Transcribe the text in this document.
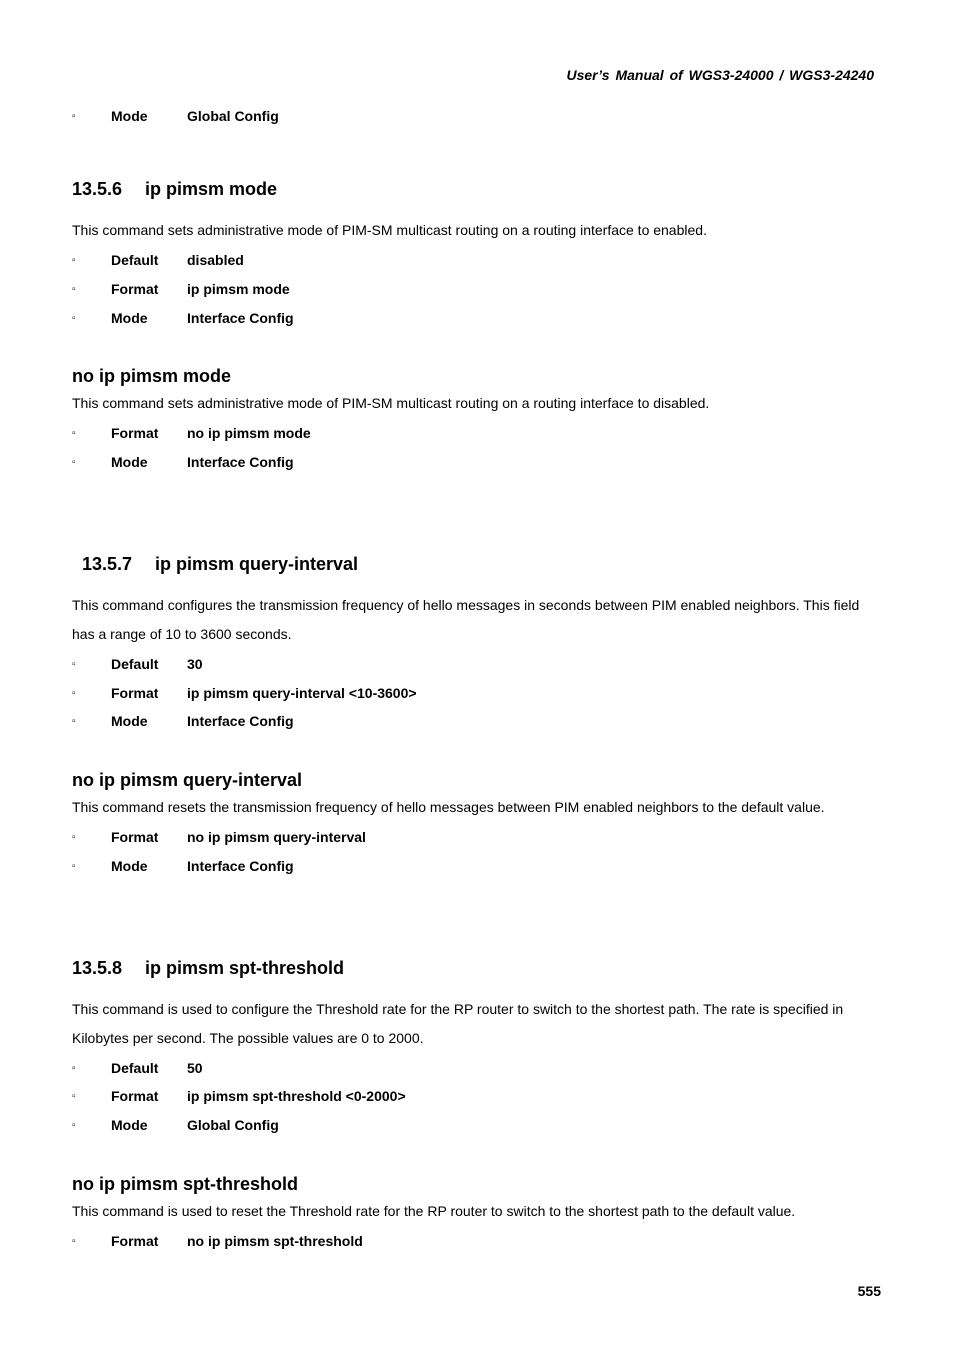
User’s Manual of WGS3-24000 / WGS3-24240
▫	Mode	Global Config
13.5.6 ip pimsm mode
This command sets administrative mode of PIM-SM multicast routing on a routing interface to enabled.
▫	Default disabled
▫	Format ip pimsm mode
▫	Mode	Interface Config
no ip pimsm mode
This command sets administrative mode of PIM-SM multicast routing on a routing interface to disabled.
▫	Format no ip pimsm mode
▫	Mode	Interface Config
13.5.7 ip pimsm query-interval
This command configures the transmission frequency of hello messages in seconds between PIM enabled neighbors. This field
has a range of 10 to 3600 seconds.
▫	Default 30
▫	Format ip pimsm query-interval <10-3600>
▫	Mode	Interface Config
no ip pimsm query-interval
This command resets the transmission frequency of hello messages between PIM enabled neighbors to the default value.
▫	Format no ip pimsm query-interval
▫	Mode	Interface Config
13.5.8 ip pimsm spt-threshold
This command is used to configure the Threshold rate for the RP router to switch to the shortest path. The rate is specified in
Kilobytes per second. The possible values are 0 to 2000.
▫	Default 50
▫	Format ip pimsm spt-threshold <0-2000>
▫	Mode	Global Config
no ip pimsm spt-threshold
This command is used to reset the Threshold rate for the RP router to switch to the shortest path to the default value.
▫	Format no ip pimsm spt-threshold
555
